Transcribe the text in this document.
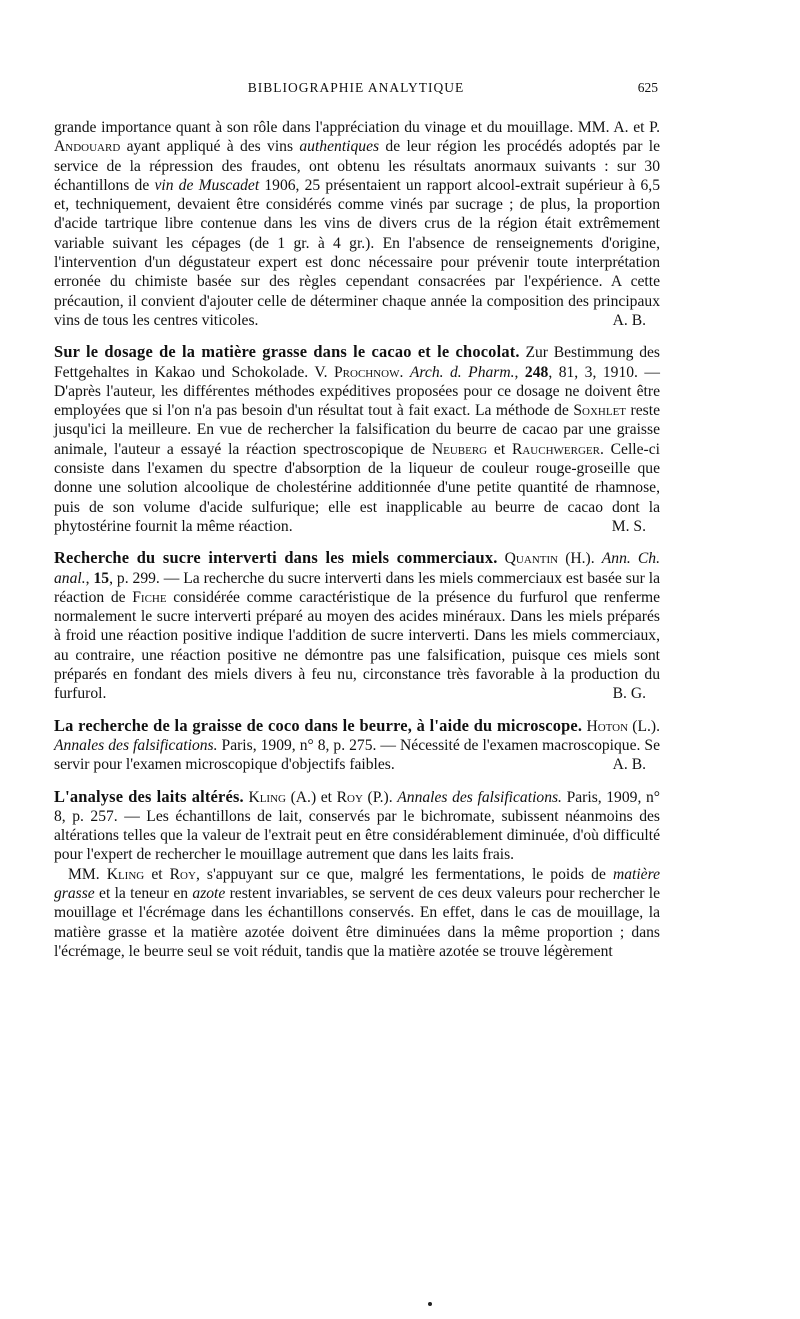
BIBLIOGRAPHIE ANALYTIQUE	625

grande importance quant à son rôle dans l'appréciation du vinage et du mouillage. MM. A. et P. Andouard ayant appliqué à des vins authentiques de leur région les procédés adoptés par le service de la répression des fraudes, ont obtenu les résultats anormaux suivants : sur 30 échantillons de vin de Muscadet 1906, 25 présentaient un rapport alcool-extrait supérieur à 6,5 et, techniquement, devaient être considérés comme vinés par sucrage ; de plus, la proportion d'acide tartrique libre contenue dans les vins de divers crus de la région était extrêmement variable suivant les cépages (de 1 gr. à 4 gr.). En l'absence de renseignements d'origine, l'intervention d'un dégustateur expert est donc nécessaire pour prévenir toute interprétation erronée du chimiste basée sur des règles cependant consacrées par l'expérience. A cette précaution, il convient d'ajouter celle de déterminer chaque année la composition des principaux vins de tous les centres viticoles.	A. B.

Sur le dosage de la matière grasse dans le cacao et le chocolat. Zur Bestimmung des Fettgehaltes in Kakao und Schokolade. V. Prochnow. Arch. d. Pharm., 248, 81, 3, 1910. — D'après l'auteur, les différentes méthodes expéditives proposées pour ce dosage ne doivent être employées que si l'on n'a pas besoin d'un résultat tout à fait exact. La méthode de Soxhlet reste jusqu'ici la meilleure. En vue de rechercher la falsification du beurre de cacao par une graisse animale, l'auteur a essayé la réaction spectroscopique de Neuberg et Rauchwerger. Celle-ci consiste dans l'examen du spectre d'absorption de la liqueur de couleur rouge-groseille que donne une solution alcoolique de cholestérine additionnée d'une petite quantité de rhamnose, puis de son volume d'acide sulfurique; elle est inapplicable au beurre de cacao dont la phytostérine fournit la même réaction.	M. S.

Recherche du sucre interverti dans les miels commerciaux. Quantin (H.). Ann. Ch. anal., 15, p. 299. — La recherche du sucre interverti dans les miels commerciaux est basée sur la réaction de Fiche considérée comme caractéristique de la présence du furfurol que renferme normalement le sucre interverti préparé au moyen des acides minéraux. Dans les miels préparés à froid une réaction positive indique l'addition de sucre interverti. Dans les miels commerciaux, au contraire, une réaction positive ne démontre pas une falsification, puisque ces miels sont préparés en fondant des miels divers à feu nu, circonstance très favorable à la production du furfurol.	B. G.

La recherche de la graisse de coco dans le beurre, à l'aide du microscope. Hoton (L.). Annales des falsifications. Paris, 1909, n° 8, p. 275. — Nécessité de l'examen macroscopique. Se servir pour l'examen microscopique d'objectifs faibles.	A. B.

L'analyse des laits altérés. Kling (A.) et Roy (P.). Annales des falsifications. Paris, 1909, n° 8, p. 257. — Les échantillons de lait, conservés par le bichromate, subissent néanmoins des altérations telles que la valeur de l'extrait peut en être considérablement diminuée, d'où difficulté pour l'expert de rechercher le mouillage autrement que dans les laits frais.

MM. Kling et Roy, s'appuyant sur ce que, malgré les fermentations, le poids de matière grasse et la teneur en azote restent invariables, se servent de ces deux valeurs pour rechercher le mouillage et l'écrémage dans les échantillons conservés. En effet, dans le cas de mouillage, la matière grasse et la matière azotée doivent être diminuées dans la même proportion ; dans l'écrémage, le beurre seul se voit réduit, tandis que la matière azotée se trouve légèrement
